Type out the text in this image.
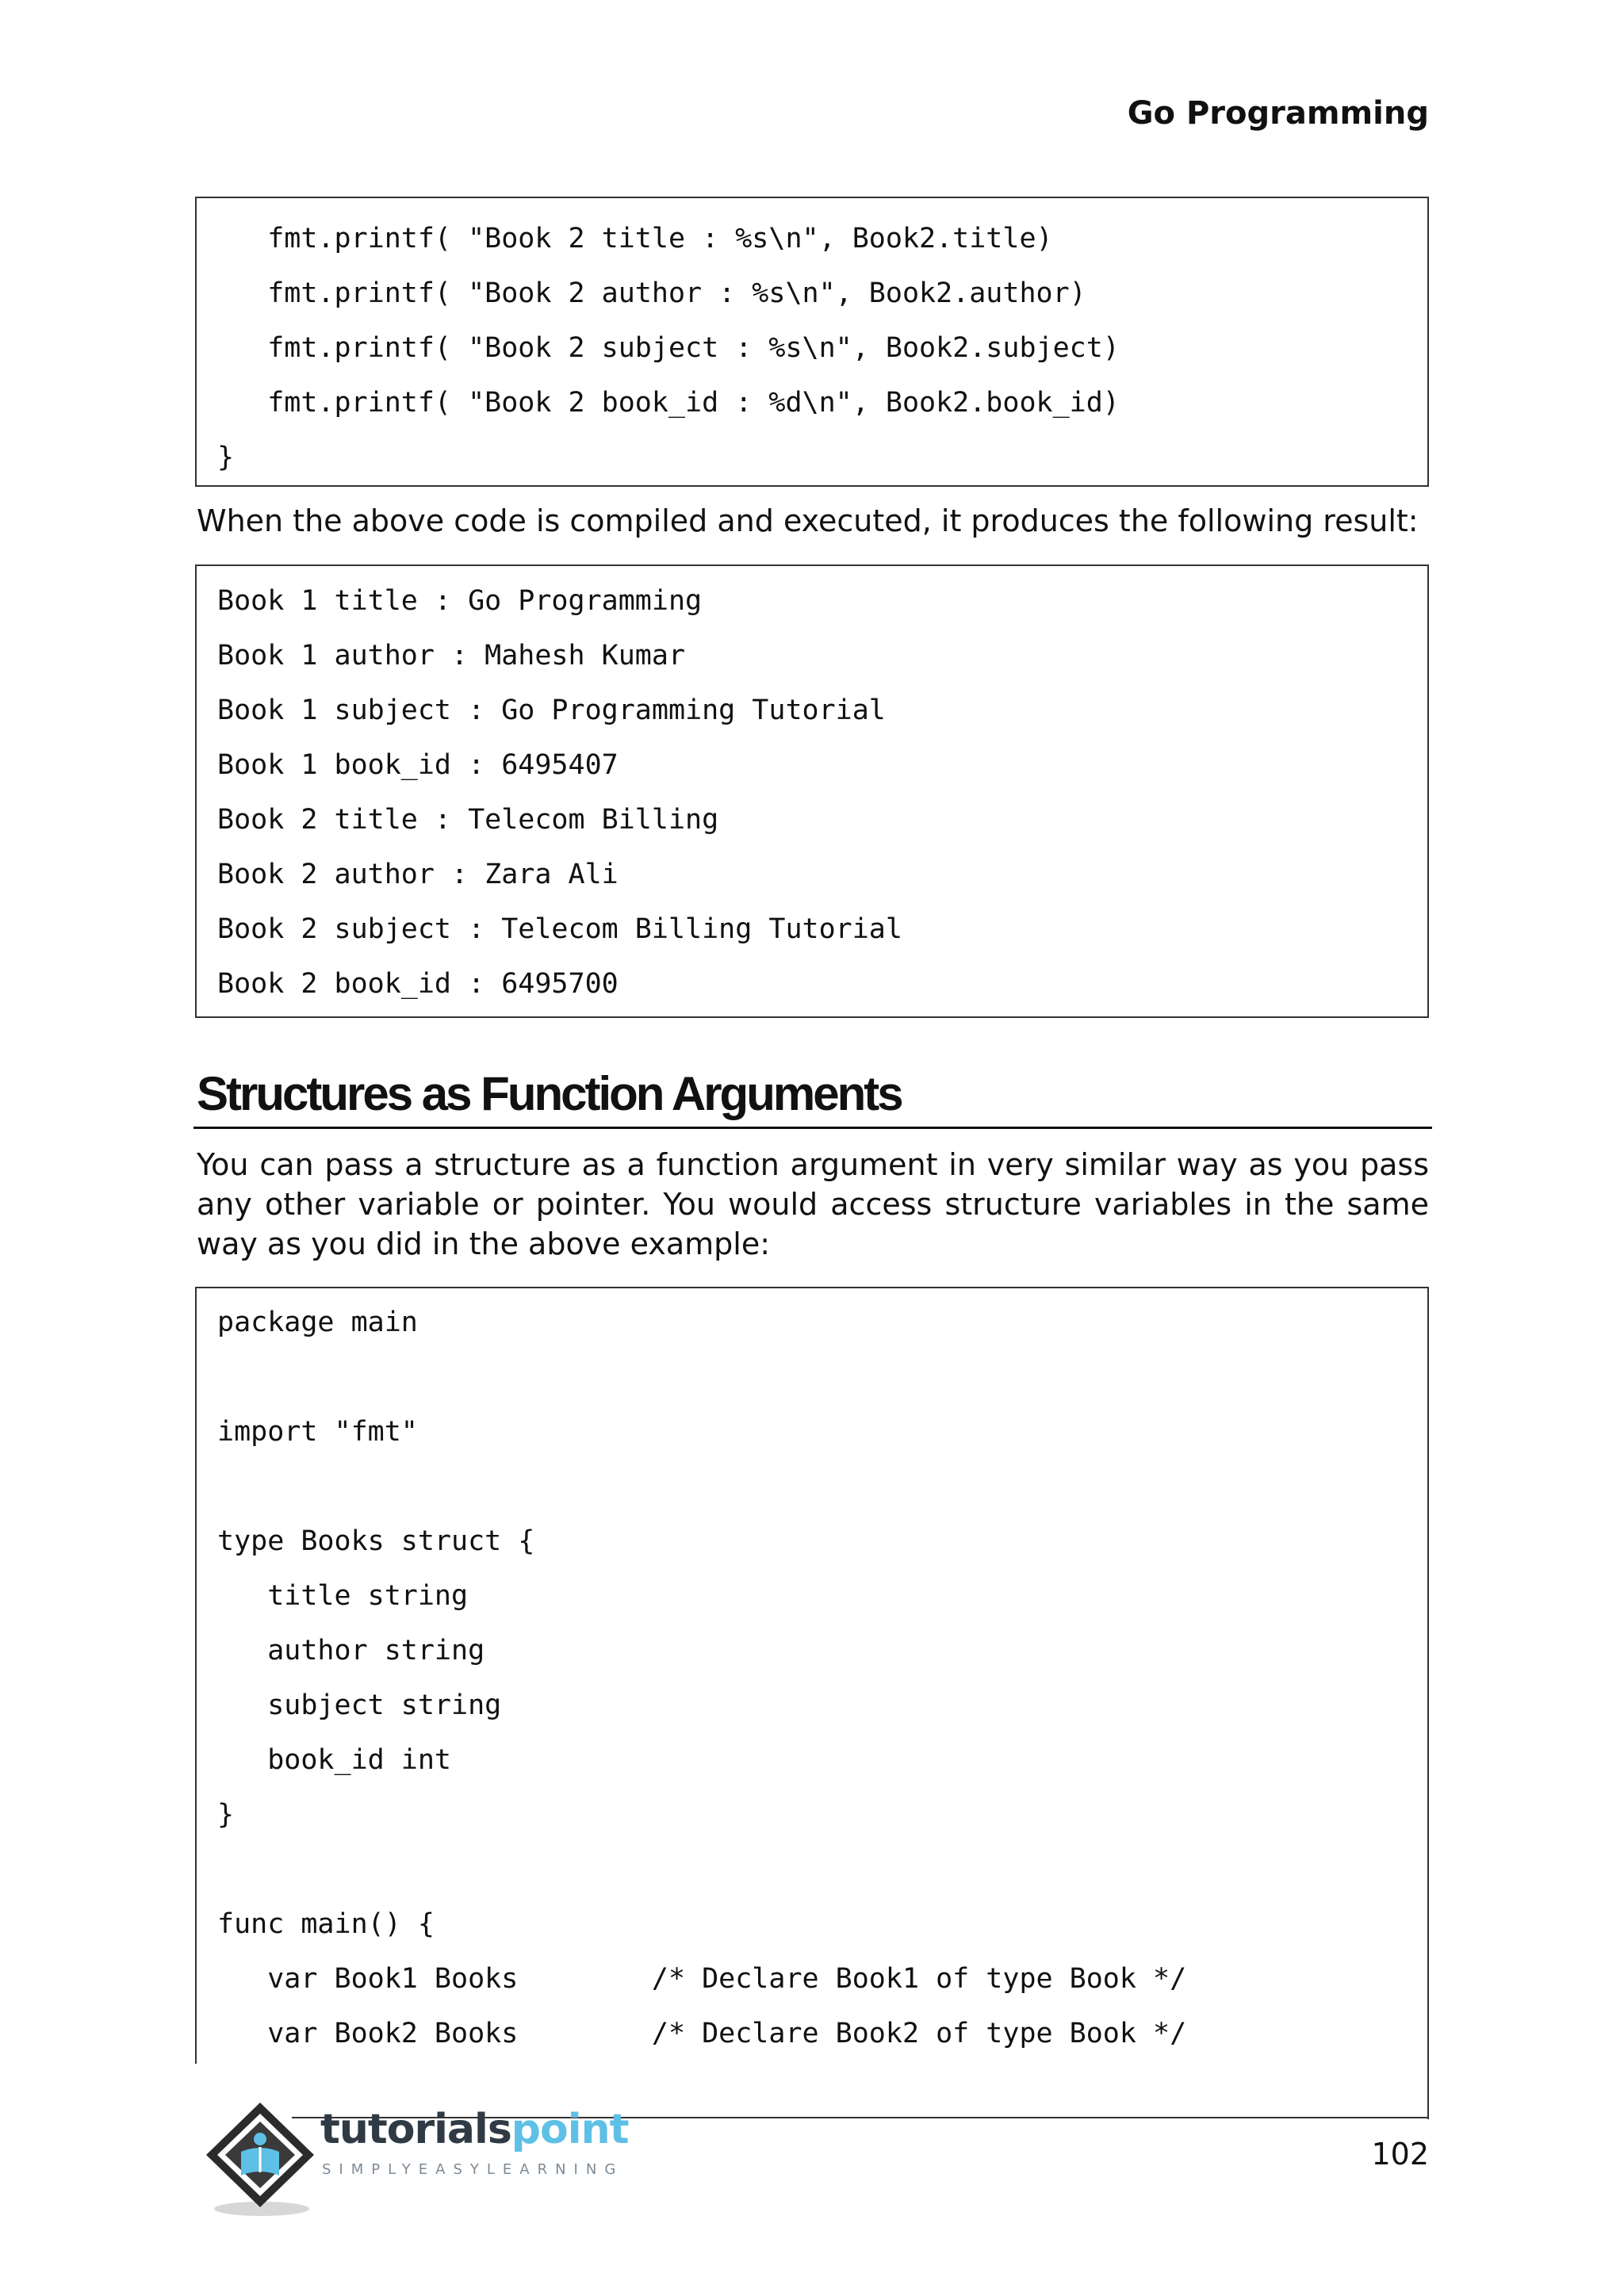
Go Programming
fmt.printf( "Book 2 title : %s\n", Book2.title)
fmt.printf( "Book 2 author : %s\n", Book2.author)
fmt.printf( "Book 2 subject : %s\n", Book2.subject)
fmt.printf( "Book 2 book_id : %d\n", Book2.book_id)
}
When the above code is compiled and executed, it produces the following result:
Book 1 title : Go Programming
Book 1 author : Mahesh Kumar
Book 1 subject : Go Programming Tutorial
Book 1 book_id : 6495407
Book 2 title : Telecom Billing
Book 2 author : Zara Ali
Book 2 subject : Telecom Billing Tutorial
Book 2 book_id : 6495700
Structures as Function Arguments
You can pass a structure as a function argument in very similar way as you pass any other variable or pointer. You would access structure variables in the same way as you did in the above example:
package main
import "fmt"
type Books struct {
title string
author string
subject string
book_id int
}
func main() {
var Book1 Books        /* Declare Book1 of type Book */
var Book2 Books        /* Declare Book2 of type Book */
tutorialspoint
SIMPLYEASYLEARNING	102
